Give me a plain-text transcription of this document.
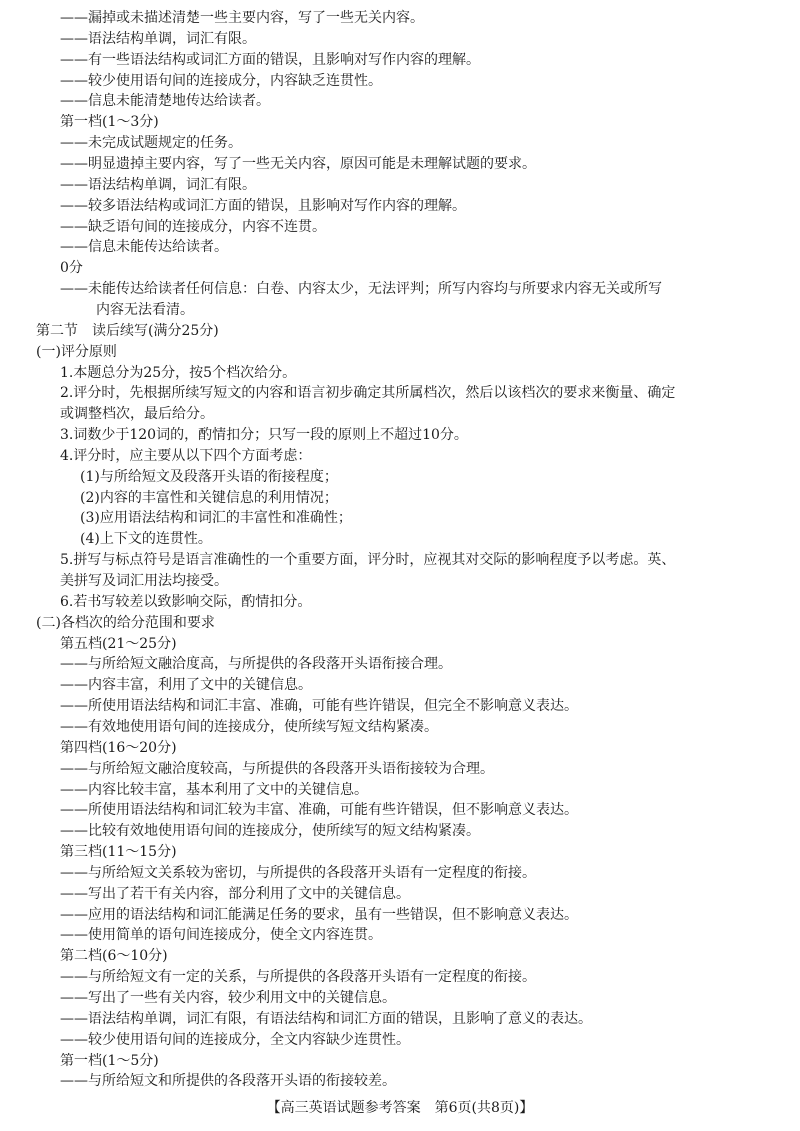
——漏掉或未描述清楚一些主要内容，写了一些无关内容。
——语法结构单调，词汇有限。
——有一些语法结构或词汇方面的错误，且影响对写作内容的理解。
——较少使用语句间的连接成分，内容缺乏连贯性。
——信息未能清楚地传达给读者。
第一档(1～3分)
——未完成试题规定的任务。
——明显遗掉主要内容，写了一些无关内容，原因可能是未理解试题的要求。
——语法结构单调，词汇有限。
——较多语法结构或词汇方面的错误，且影响对写作内容的理解。
——缺乏语句间的连接成分，内容不连贯。
——信息未能传达给读者。
0分
——未能传达给读者任何信息：白卷、内容太少，无法评判；所写内容均与所要求内容无关或所写
内容无法看清。
第二节　读后续写(满分25分)
(一)评分原则
1.本题总分为25分，按5个档次给分。
2.评分时，先根据所续写短文的内容和语言初步确定其所属档次，然后以该档次的要求来衡量、确定
或调整档次，最后给分。
3.词数少于120词的，酌情扣分；只写一段的原则上不超过10分。
4.评分时，应主要从以下四个方面考虑：
(1)与所给短文及段落开头语的衔接程度；
(2)内容的丰富性和关键信息的利用情况；
(3)应用语法结构和词汇的丰富性和准确性；
(4)上下文的连贯性。
5.拼写与标点符号是语言准确性的一个重要方面，评分时，应视其对交际的影响程度予以考虑。英、
美拼写及词汇用法均接受。
6.若书写较差以致影响交际，酌情扣分。
(二)各档次的给分范围和要求
第五档(21～25分)
——与所给短文融洽度高，与所提供的各段落开头语衔接合理。
——内容丰富，利用了文中的关键信息。
——所使用语法结构和词汇丰富、准确，可能有些许错误，但完全不影响意义表达。
——有效地使用语句间的连接成分，使所续写短文结构紧凑。
第四档(16～20分)
——与所给短文融洽度较高，与所提供的各段落开头语衔接较为合理。
——内容比较丰富，基本利用了文中的关键信息。
——所使用语法结构和词汇较为丰富、准确，可能有些许错误，但不影响意义表达。
——比较有效地使用语句间的连接成分，使所续写的短文结构紧凑。
第三档(11～15分)
——与所给短文关系较为密切，与所提供的各段落开头语有一定程度的衔接。
——写出了若干有关内容，部分利用了文中的关键信息。
——应用的语法结构和词汇能满足任务的要求，虽有一些错误，但不影响意义表达。
——使用简单的语句间连接成分，使全文内容连贯。
第二档(6～10分)
——与所给短文有一定的关系，与所提供的各段落开头语有一定程度的衔接。
——写出了一些有关内容，较少利用文中的关键信息。
——语法结构单调，词汇有限，有语法结构和词汇方面的错误，且影响了意义的表达。
——较少使用语句间的连接成分，全文内容缺少连贯性。
第一档(1～5分)
——与所给短文和所提供的各段落开头语的衔接较差。
【高三英语试题参考答案　第6页(共8页)】
